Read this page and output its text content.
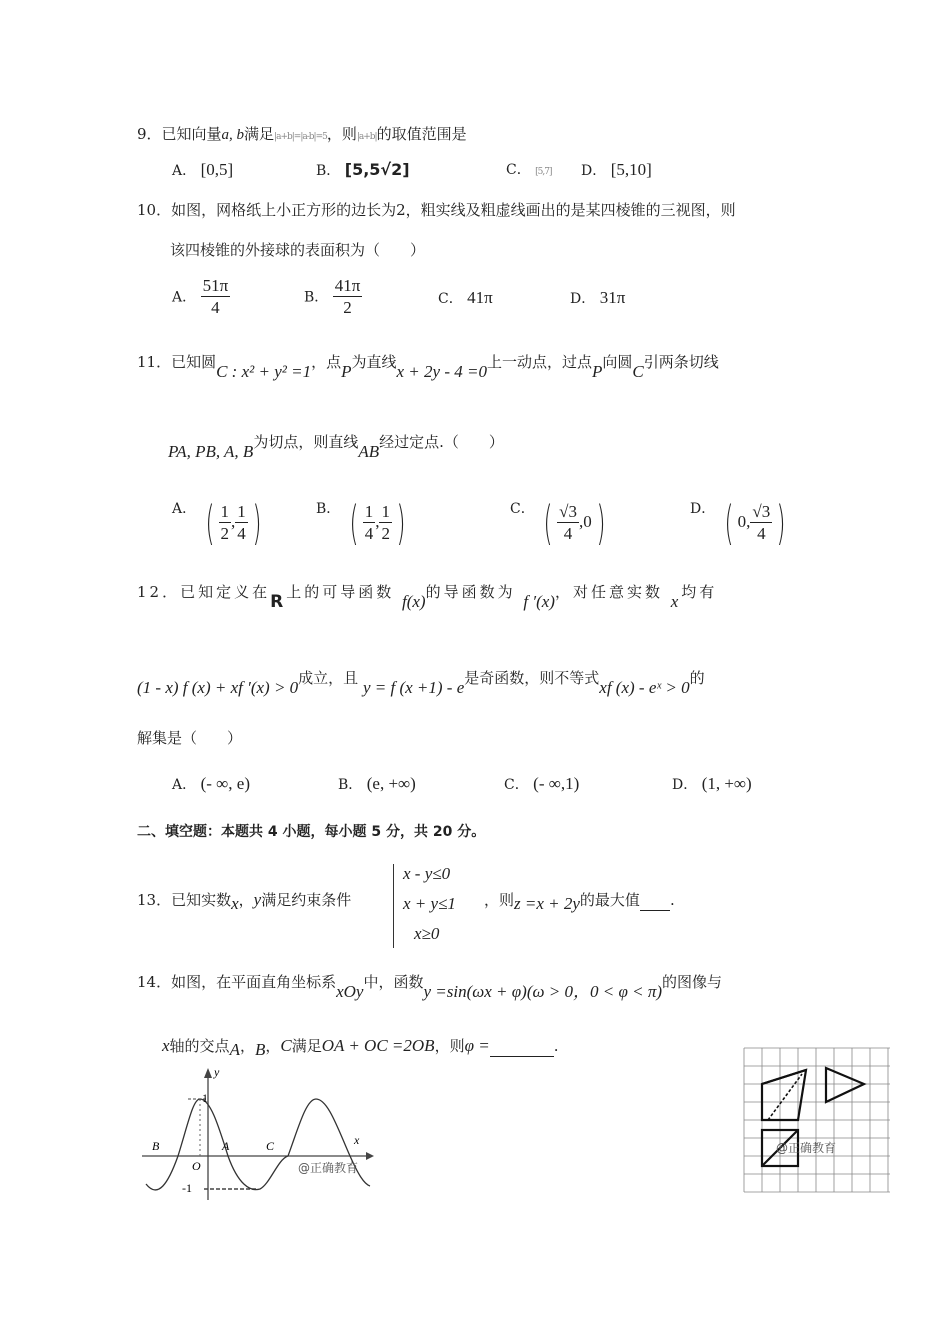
9．已知向量a, b满足|a+b|=|a-b|=5，则|a+b|的取值范围是
A． [0,5]	B． [5,5√2]	C． [5,7] D． [5,10]
10．如图，网格纸上小正方形的边长为2，粗实线及粗虚线画出的是某四棱锥的三视图，则
该四棱锥的外接球的表面积为（　　）
A． $\frac{51\pi}{4}$	B． $\frac{41\pi}{2}$	C． 41π	D． 31π
11．已知圆C : x² + y² =1，点P为直线x + 2y - 4 =0上一动点，过点P向圆C引两条切线
PA, PB, A, B为切点，则直线AB经过定点.（　　）
A． ( $\frac{1}{2}$ , $\frac{1}{4}$ )	B． ( $\frac{1}{4}$ , $\frac{1}{2}$ )	C． ( $\frac{√3}{4} ,0$)	D． ( 0, $\frac{√3}{4}$ )
12．已知定义在R上的可导函数 f(x)的导函数为 f ′(x)，对任意实数 x均有
(1 - x) f (x) + xf ′(x) > 0成立，且 y = f (x +1) - e是奇函数，则不等式xf (x) - eˣ > 0的
解集是（　　）
A． (- ∞, e)	B． (e, +∞)	C． (- ∞,1)	D． (1, +∞)
二、填空题：本题共 4 小题，每小题 5 分，共 20 分。
13．已知实数x，y满足约束条件
x - y≤0
x + y≤1
x≥0
，则z =x + 2y的最大值 .
14．如图，在平面直角坐标系xOy中，函数y =sin(ωx + φ)(ω > 0，0 < φ < π)的图像与
x轴的交点A，B，C满足OA + OC =2OB，则φ =	.
y
x
1
-1
O
B	A	C
@正确教育
@正确教育
